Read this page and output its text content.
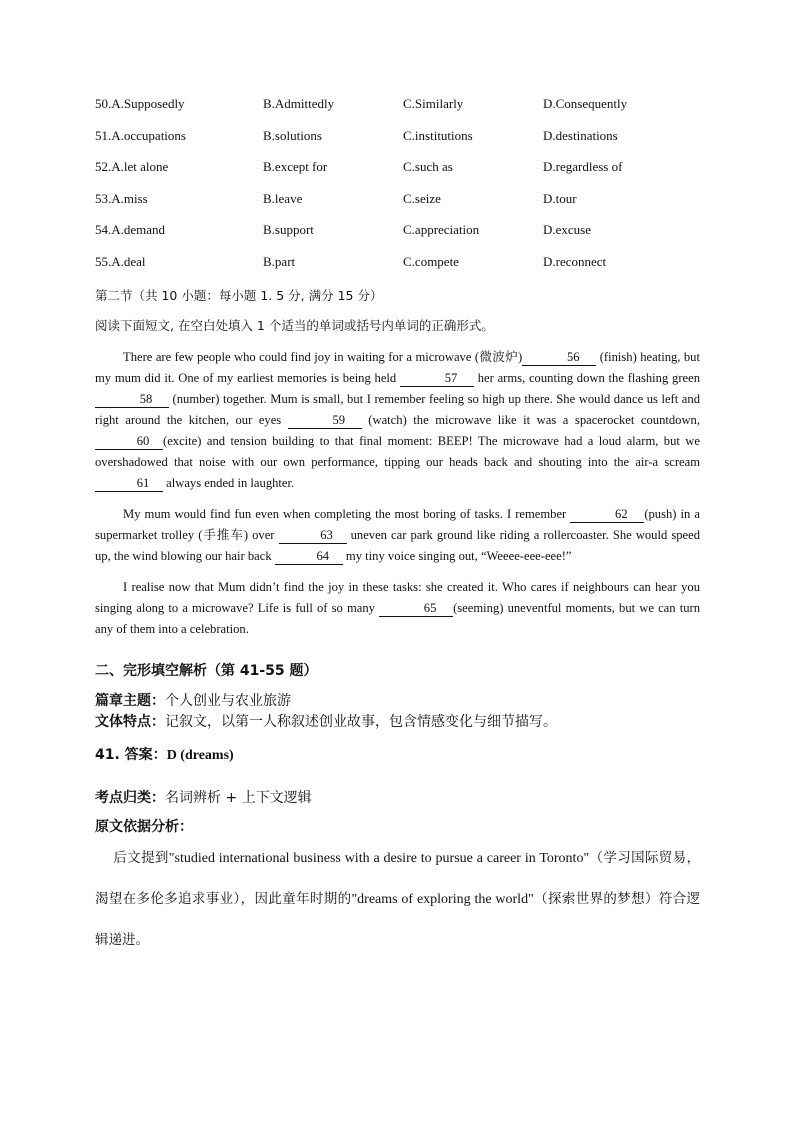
50.A.Supposedly	B.Admittedly	C.Similarly	D.Consequently
51.A.occupations	B.solutions	C.institutions	D.destinations
52.A.let alone	B.except for	C.such as	D.regardless of
53.A.miss	B.leave	C.seize	D.tour
54.A.demand	B.support	C.appreciation	D.excuse
55.A.deal	B.part	C.compete	D.reconnect
第二节（共 10 小题：每小题 1. 5 分, 满分 15 分）
阅读下面短文, 在空白处填入 1 个适当的单词或括号内单词的正确形式。

There are few people who could find joy in waiting for a microwave (微波炉)	56 (finish) heating, but my mum did it. One of my earliest memories is being held	57 her arms, counting down the flashing green 58 (number) together. Mum is small, but I remember feeling so high up there. She would dance us left and right around the kitchen, our eyes	59 (watch) the microwave like it was a spacerocket countdown, 60 (excite) and tension building to that final moment: BEEP! The microwave had a loud alarm, but we overshadowed that noise with our own performance, tipping our heads back and shouting into the air-a scream61 always ended in laughter.

My mum would find fun even when completing the most boring of tasks. I remember	62 (push) in a supermarket trolley (手推车) over	63 uneven car park ground like riding a rollercoaster. She would speed up, the wind blowing our hair back	64 my tiny voice singing out, “Weeee-eee-eee!”

I realise now that Mum didn’t find the joy in these tasks: she created it. Who cares if neighbours can hear you singing along to a microwave? Life is full of so many	65 (seeming) uneventful moments, but we can turn any of them into a celebration.

二、完形填空解析（第 41-55 题）
篇章主题：个人创业与农业旅游
文体特点：记叙文，以第一人称叙述创业故事，包含情感变化与细节描写。
41. 答案：D (dreams)
考点归类：名词辨析 + 上下文逻辑
原文依据分析：
后文提到"studied international business with a desire to pursue a career in Toronto"（学习国际贸易，渴望在多伦多追求事业），因此童年时期的"dreams of exploring the world"（探索世界的梦想）符合逻辑递进。
